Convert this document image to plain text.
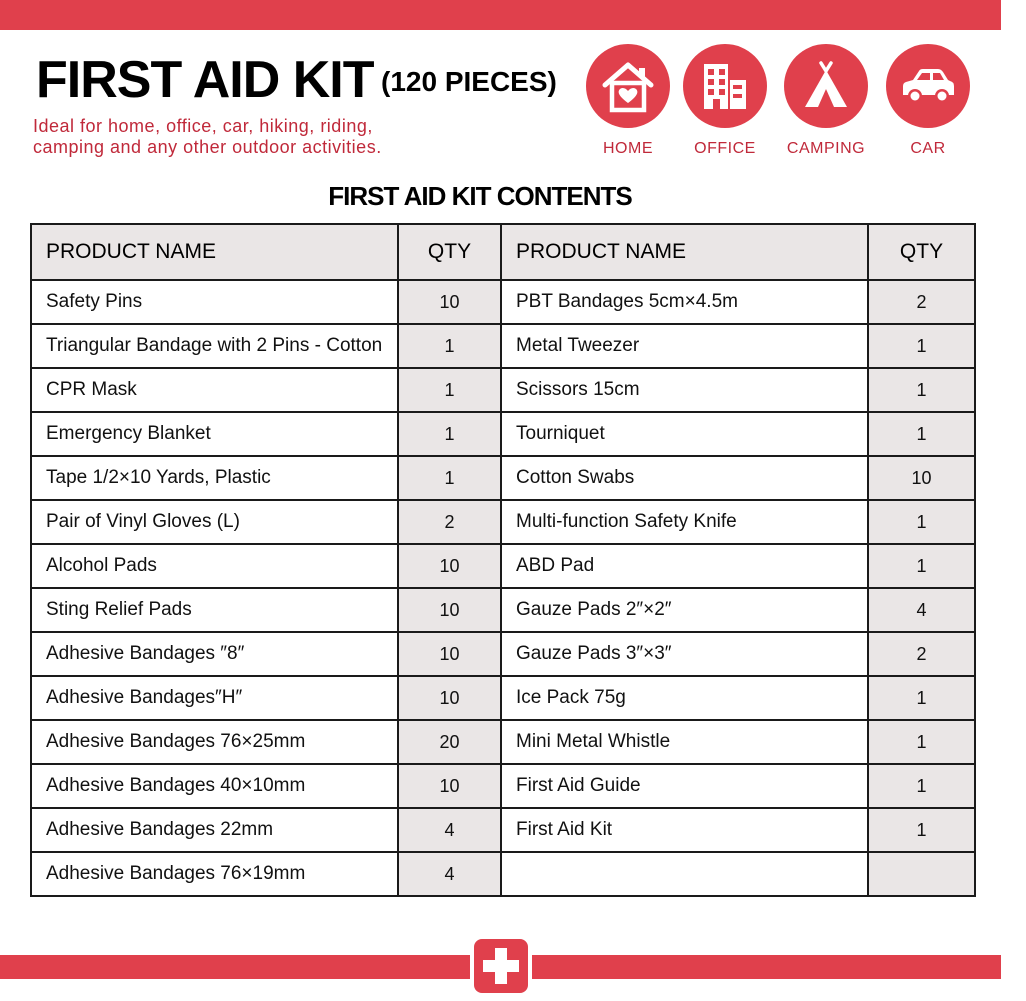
FIRST AID KIT (120 PIECES)
Ideal for home, office, car, hiking, riding,
camping and any other outdoor activities.	HOME	OFFICE	CAMPING	CAR
FIRST AID KIT CONTENTS
PRODUCT NAME	QTY	PRODUCT NAME	QTY
Safety Pins	10	PBT Bandages 5cm×4.5m	2
Triangular Bandage with 2 Pins - Cotton	1	Metal Tweezer	1
CPR Mask	1	Scissors 15cm	1
Emergency Blanket	1	Tourniquet	1
Tape 1/2×10 Yards, Plastic	1	Cotton Swabs	10
Pair of Vinyl Gloves (L)	2	Multi-function Safety Knife	1
Alcohol Pads	10	ABD Pad	1
Sting Relief Pads	10	Gauze Pads 2″×2″	4
Adhesive Bandages ″8″	10	Gauze Pads 3″×3″	2
Adhesive Bandages″H″	10	Ice Pack 75g	1
Adhesive Bandages 76×25mm	20	Mini Metal Whistle	1
Adhesive Bandages 40×10mm	10	First Aid Guide	1
Adhesive Bandages 22mm	4	First Aid Kit	1
Adhesive Bandages 76×19mm	4		
